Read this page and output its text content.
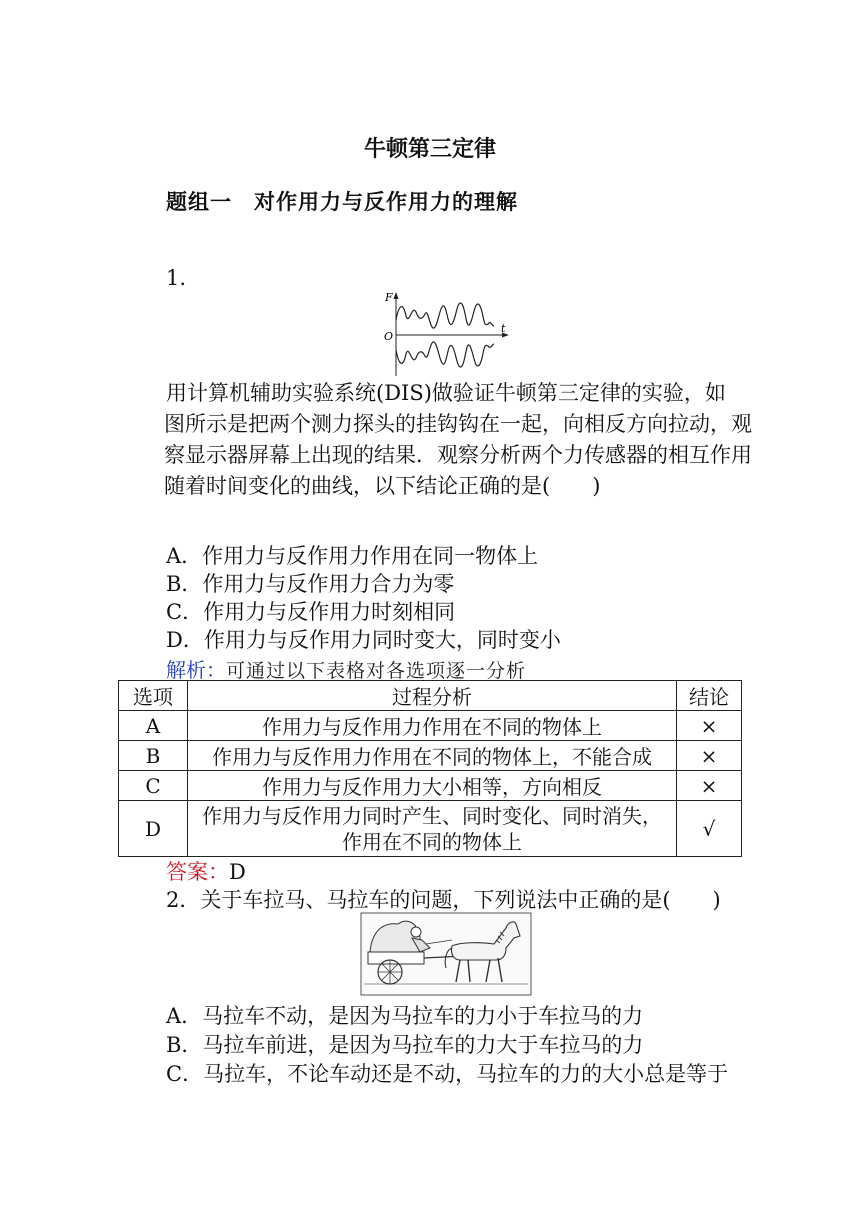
牛顿第三定律
题组一　对作用力与反作用力的理解
1.
F
O
t
用计算机辅助实验系统(DIS)做验证牛顿第三定律的实验，如
图所示是把两个测力探头的挂钩钩在一起，向相反方向拉动，观
察显示器屏幕上出现的结果．观察分析两个力传感器的相互作用
随着时间变化的曲线，以下结论正确的是(　　)
A．作用力与反作用力作用在同一物体上
B．作用力与反作用力合力为零
C．作用力与反作用力时刻相同
D．作用力与反作用力同时变大，同时变小
解析：可通过以下表格对各选项逐一分析
选项	过程分析	结论
A	作用力与反作用力作用在不同的物体上	×
B	作用力与反作用力作用在不同的物体上，不能合成	×
C	作用力与反作用力大小相等，方向相反	×
D	作用力与反作用力同时产生、同时变化、同时消失，
作用在不同的物体上	√
答案：D
2．关于车拉马、马拉车的问题，下列说法中正确的是(　　)
A．马拉车不动，是因为马拉车的力小于车拉马的力
B．马拉车前进，是因为马拉车的力大于车拉马的力
C．马拉车，不论车动还是不动，马拉车的力的大小总是等于
